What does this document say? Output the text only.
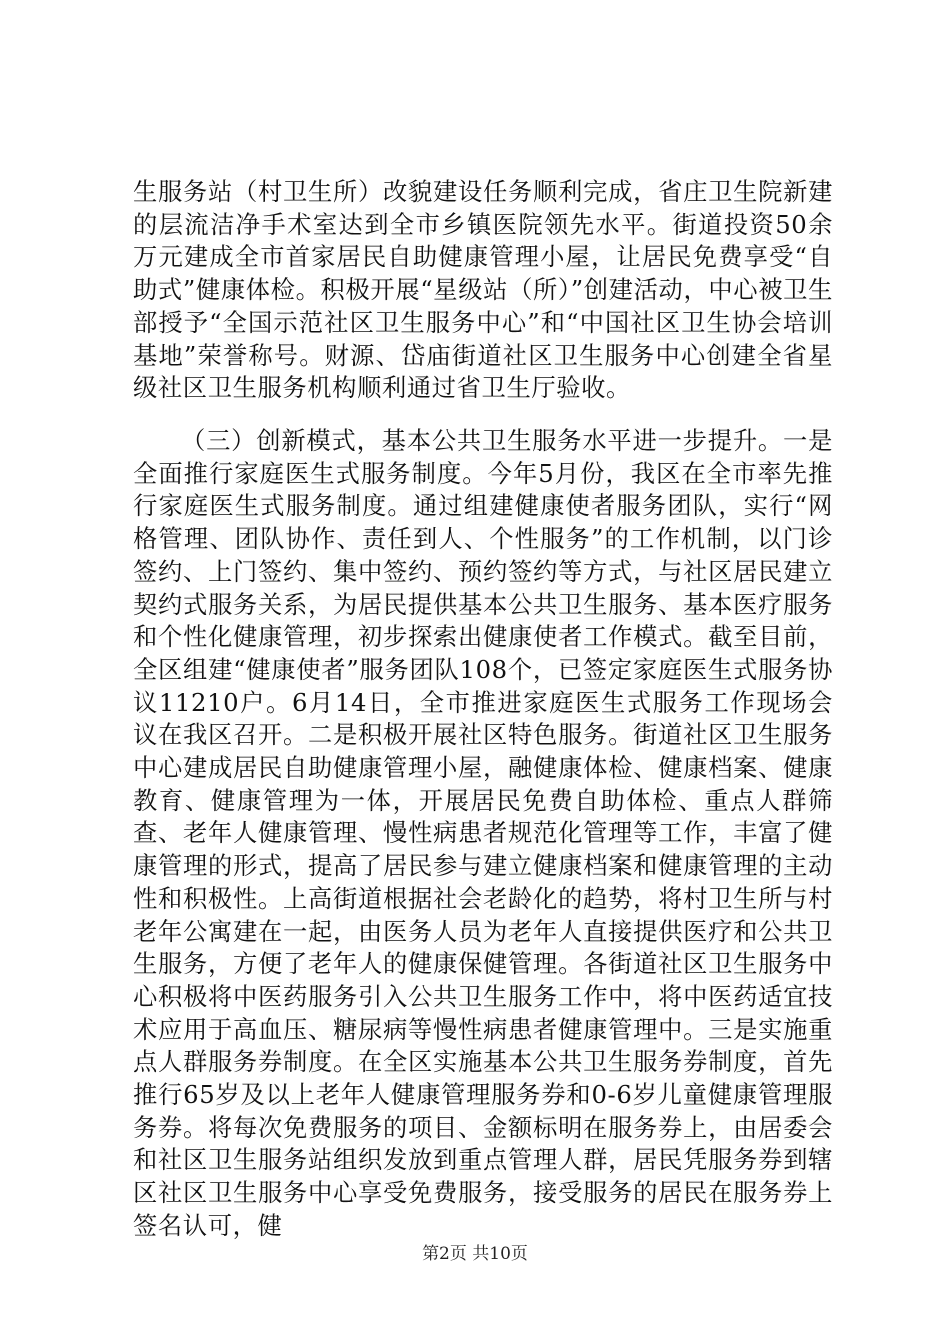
生服务站（村卫生所）改貌建设任务顺利完成，省庄卫生院新建的层流洁净手术室达到全市乡镇医院领先水平。街道投资50余万元建成全市首家居民自助健康管理小屋，让居民免费享受“自助式”健康体检。积极开展“星级站（所）”创建活动，中心被卫生部授予“全国示范社区卫生服务中心”和“中国社区卫生协会培训基地”荣誉称号。财源、岱庙街道社区卫生服务中心创建全省星级社区卫生服务机构顺利通过省卫生厅验收。

（三）创新模式，基本公共卫生服务水平进一步提升。一是全面推行家庭医生式服务制度。今年5月份，我区在全市率先推行家庭医生式服务制度。通过组建健康使者服务团队，实行“网格管理、团队协作、责任到人、个性服务”的工作机制，以门诊签约、上门签约、集中签约、预约签约等方式，与社区居民建立契约式服务关系，为居民提供基本公共卫生服务、基本医疗服务和个性化健康管理，初步探索出健康使者工作模式。截至目前，全区组建“健康使者”服务团队108个，已签定家庭医生式服务协议11210户。6月14日，全市推进家庭医生式服务工作现场会议在我区召开。二是积极开展社区特色服务。街道社区卫生服务中心建成居民自助健康管理小屋，融健康体检、健康档案、健康教育、健康管理为一体，开展居民免费自助体检、重点人群筛查、老年人健康管理、慢性病患者规范化管理等工作，丰富了健康管理的形式，提高了居民参与建立健康档案和健康管理的主动性和积极性。上高街道根据社会老龄化的趋势，将村卫生所与村老年公寓建在一起，由医务人员为老年人直接提供医疗和公共卫生服务，方便了老年人的健康保健管理。各街道社区卫生服务中心积极将中医药服务引入公共卫生服务工作中，将中医药适宜技术应用于高血压、糖尿病等慢性病患者健康管理中。三是实施重点人群服务券制度。在全区实施基本公共卫生服务券制度，首先推行65岁及以上老年人健康管理服务券和0-6岁儿童健康管理服务券。将每次免费服务的项目、金额标明在服务券上，由居委会和社区卫生服务站组织发放到重点管理人群，居民凭服务券到辖区社区卫生服务中心享受免费服务，接受服务的居民在服务券上签名认可，健

第2页 共10页
